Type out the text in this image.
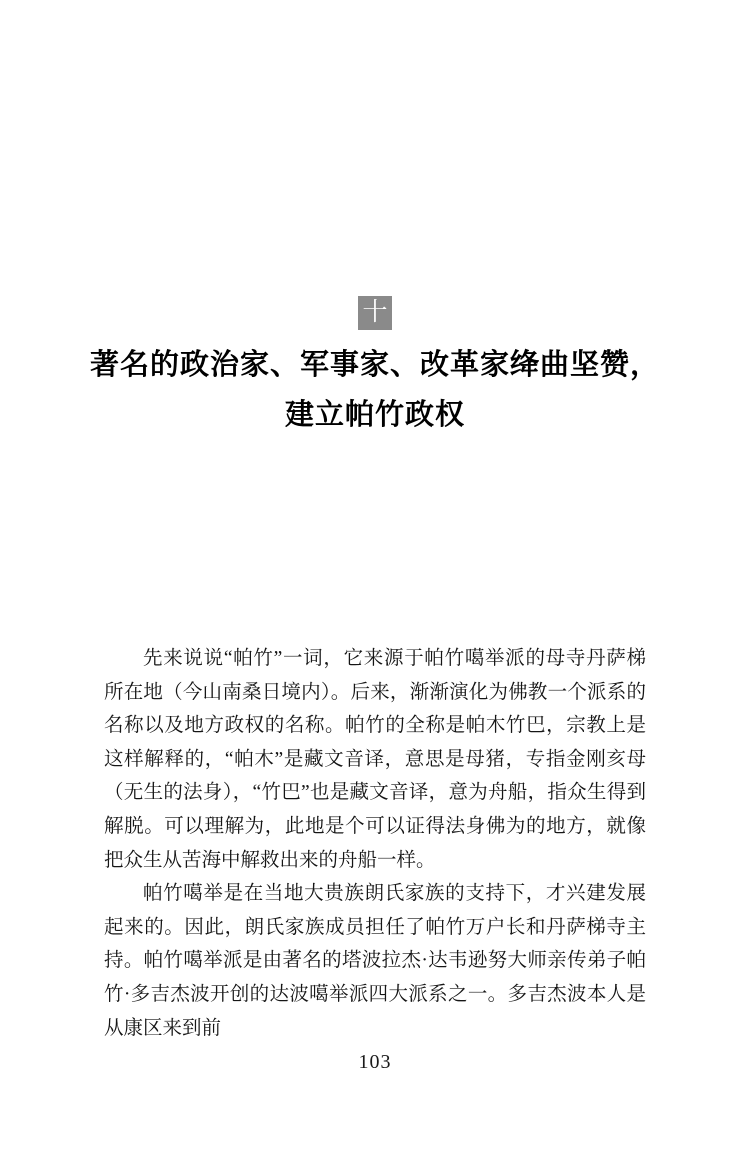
十
著名的政治家、军事家、改革家绛曲坚赞，
建立帕竹政权

先来说说“帕竹”一词，它来源于帕竹噶举派的母寺丹萨梯所在地（今山南桑日境内）。后来，渐渐演化为佛教一个派系的名称以及地方政权的名称。帕竹的全称是帕木竹巴，宗教上是这样解释的，“帕木”是藏文音译，意思是母猪，专指金刚亥母（无生的法身），“竹巴”也是藏文音译，意为舟船，指众生得到解脱。可以理解为，此地是个可以证得法身佛为的地方，就像把众生从苦海中解救出来的舟船一样。

帕竹噶举是在当地大贵族朗氏家族的支持下，才兴建发展起来的。因此，朗氏家族成员担任了帕竹万户长和丹萨梯寺主持。帕竹噶举派是由著名的塔波拉杰·达韦逊努大师亲传弟子帕竹·多吉杰波开创的达波噶举派四大派系之一。多吉杰波本人是从康区来到前

103
